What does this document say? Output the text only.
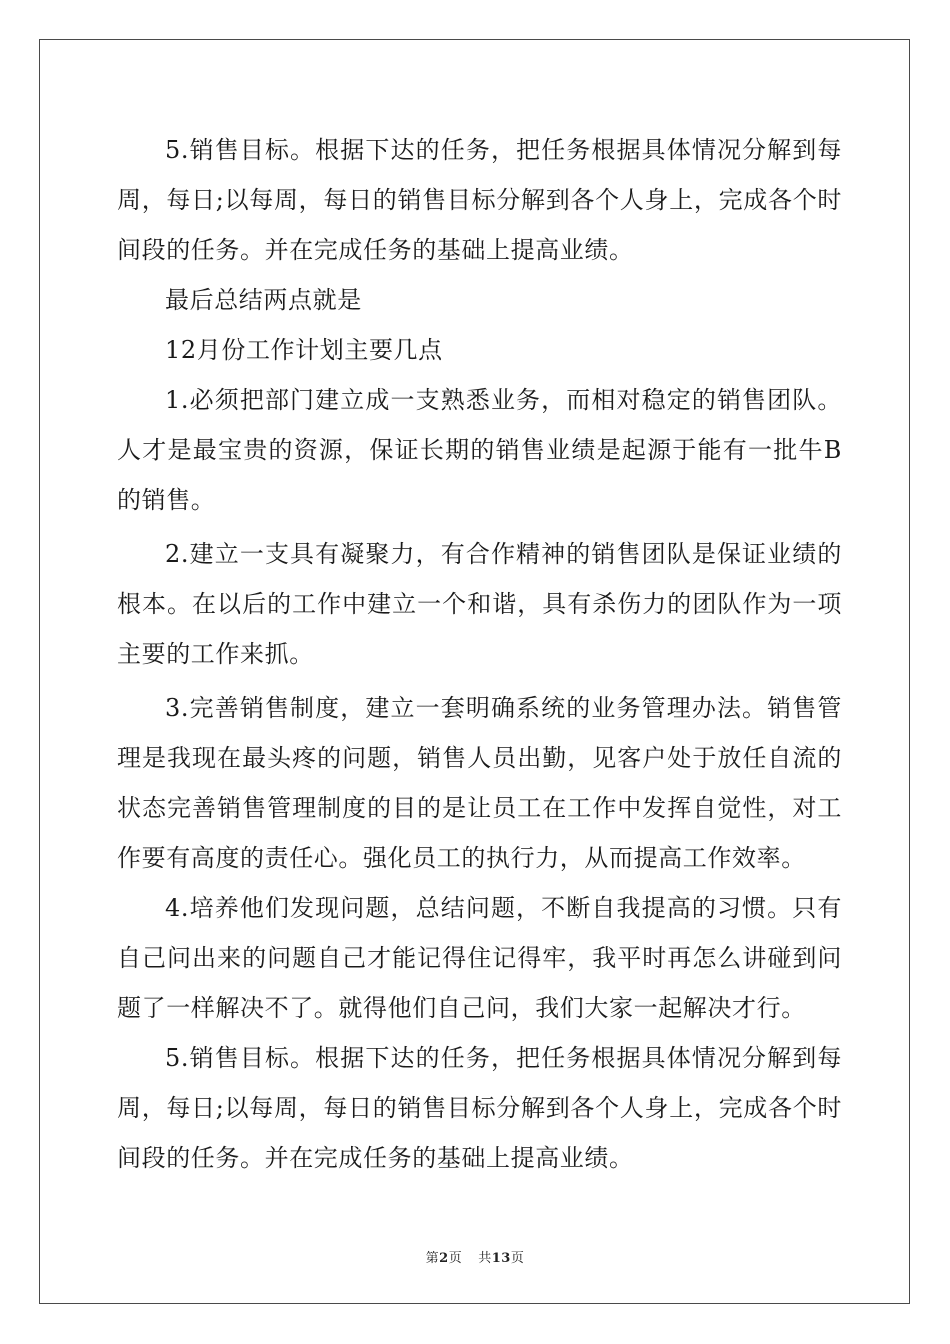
5.销售目标。根据下达的任务，把任务根据具体情况分解到每周，每日;以每周，每日的销售目标分解到各个人身上，完成各个时间段的任务。并在完成任务的基础上提高业绩。

最后总结两点就是

12月份工作计划主要几点

1.必须把部门建立成一支熟悉业务，而相对稳定的销售团队。人才是最宝贵的资源，保证长期的销售业绩是起源于能有一批牛B的销售。

2.建立一支具有凝聚力，有合作精神的销售团队是保证业绩的根本。在以后的工作中建立一个和谐，具有杀伤力的团队作为一项主要的工作来抓。

3.完善销售制度，建立一套明确系统的业务管理办法。销售管理是我现在最头疼的问题，销售人员出勤，见客户处于放任自流的状态完善销售管理制度的目的是让员工在工作中发挥自觉性，对工作要有高度的责任心。强化员工的执行力，从而提高工作效率。

4.培养他们发现问题，总结问题，不断自我提高的习惯。只有自己问出来的问题自己才能记得住记得牢，我平时再怎么讲碰到问题了一样解决不了。就得他们自己问，我们大家一起解决才行。

5.销售目标。根据下达的任务，把任务根据具体情况分解到每周，每日;以每周，每日的销售目标分解到各个人身上，完成各个时间段的任务。并在完成任务的基础上提高业绩。

第2页 共13页
